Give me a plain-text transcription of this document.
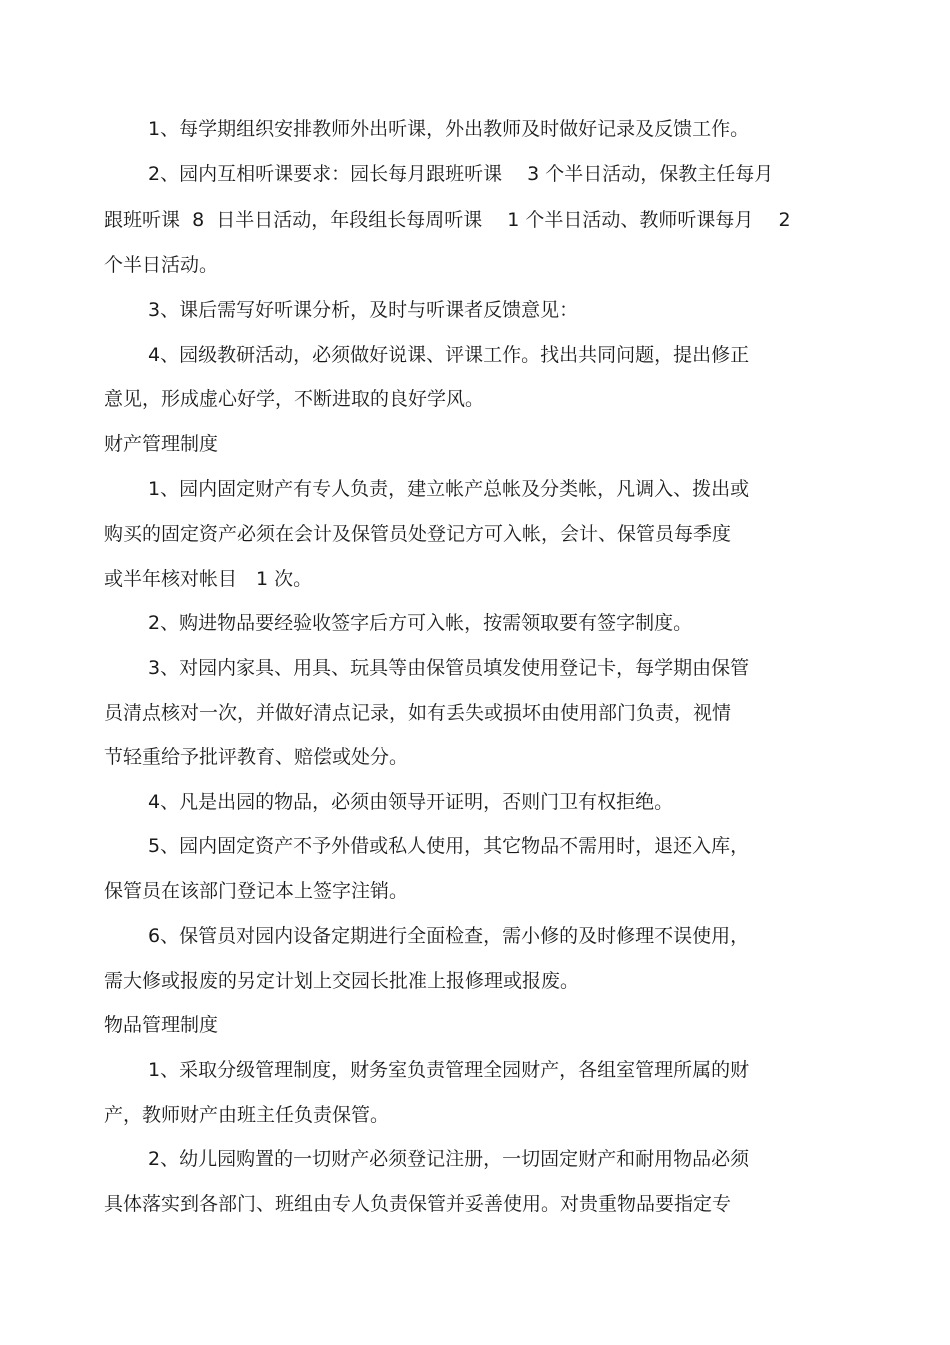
1、每学期组织安排教师外出听课，外出教师及时做好记录及反馈工作。
2、园内互相听课要求：园长每月跟班听课　 3 个半日活动，保教主任每月
跟班听课  8  日半日活动，年段组长每周听课　 1 个半日活动、教师听课每月　 2
个半日活动。
3、课后需写好听课分析，及时与听课者反馈意见：
4、园级教研活动，必须做好说课、评课工作。找出共同问题，提出修正
意见，形成虚心好学，不断进取的良好学风。
财产管理制度
1、园内固定财产有专人负责，建立帐产总帐及分类帐，凡调入、拨出或
购买的固定资产必须在会计及保管员处登记方可入帐，会计、保管员每季度
或半年核对帐目　1 次。
2、购进物品要经验收签字后方可入帐，按需领取要有签字制度。
3、对园内家具、用具、玩具等由保管员填发使用登记卡，每学期由保管
员清点核对一次，并做好清点记录，如有丢失或损坏由使用部门负责，视情
节轻重给予批评教育、赔偿或处分。
4、凡是出园的物品，必须由领导开证明，否则门卫有权拒绝。
5、园内固定资产不予外借或私人使用，其它物品不需用时，退还入库，
保管员在该部门登记本上签字注销。
6、保管员对园内设备定期进行全面检查，需小修的及时修理不误使用，
需大修或报废的另定计划上交园长批准上报修理或报废。
物品管理制度
1、采取分级管理制度，财务室负责管理全园财产，各组室管理所属的财
产，教师财产由班主任负责保管。
2、幼儿园购置的一切财产必须登记注册，一切固定财产和耐用物品必须
具体落实到各部门、班组由专人负责保管并妥善使用。对贵重物品要指定专
